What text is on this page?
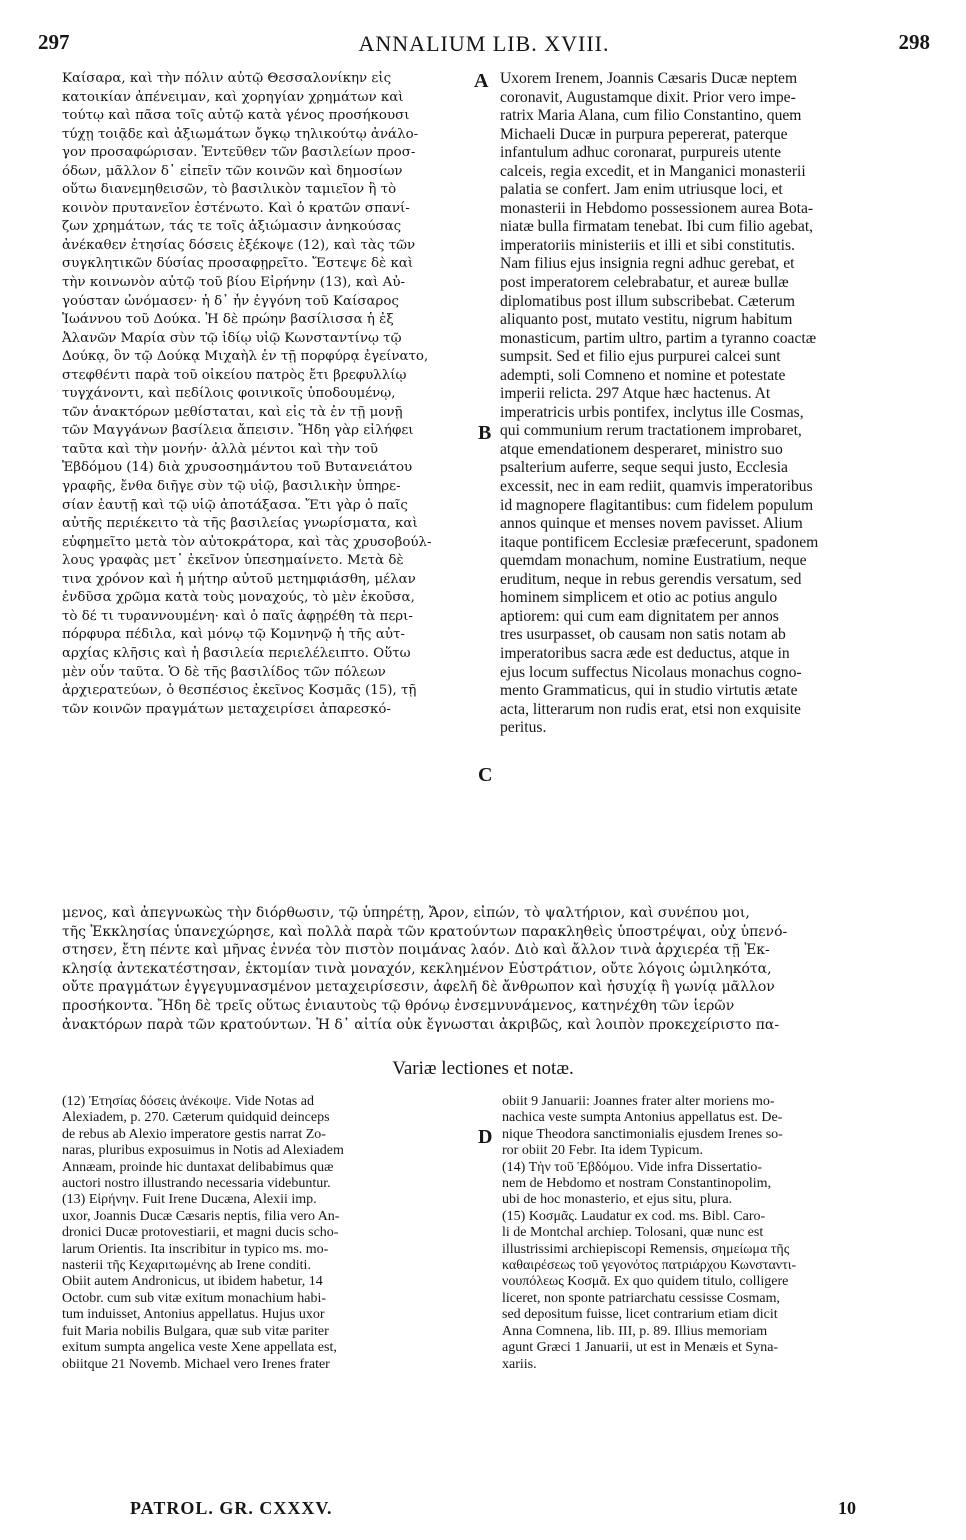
297	ANNALIUM LIB. XVIII.	298
A
B
C
D
Καίσαρα, καὶ τὴν πόλιν αὐτῷ Θεσσαλονίκην εἰς
κατοικίαν ἀπένειμαν, καὶ χορηγίαν χρημάτων καὶ
τούτῳ καὶ πᾶσα τοῖς αὐτῷ κατὰ γένος προσήκουσι
τύχῃ τοιᾷδε καὶ ἀξιωμάτων ὄγκῳ τηλικούτῳ ἀνάλο-
γον προσαφώρισαν. Ἐντεῦθεν τῶν βασιλείων προσ-
όδων, μᾶλλον δ᾽ εἰπεῖν τῶν κοινῶν καὶ δημοσίων
οὕτω διανεμηθεισῶν, τὸ βασιλικὸν ταμιεῖον ἢ τὸ
κοινὸν πρυτανεῖον ἐστένωτο. Καὶ ὁ κρατῶν σπανί-
ζων χρημάτων, τάς τε τοῖς ἀξιώμασιν ἀνηκούσας
ἀνέκαθεν ἐτησίας δόσεις ἐξέκοψε (12), καὶ τὰς τῶν
συγκλητικῶν δύσίας προσαφῃρεῖτο. Ἔστεψε δὲ καὶ
τὴν κοινωνὸν αὐτῷ τοῦ βίου Εἰρήνην (13), καὶ Αὐ-
γούσταν ὠνόμασεν· ἡ δ᾽ ἦν ἐγγόνη τοῦ Καίσαρος
Ἰωάννου τοῦ Δούκα. Ἡ δὲ πρώην βασίλισσα ἡ ἐξ
Ἀλανῶν Μαρία σὺν τῷ ἰδίῳ υἱῷ Κωνσταντίνῳ τῷ
Δούκᾳ, ὃν τῷ Δούκᾳ Μιχαὴλ ἐν τῇ πορφύρᾳ ἐγείνατο,
στεφθέντι παρὰ τοῦ οἰκείου πατρὸς ἔτι βρεφυλλίῳ
τυγχάνοντι, καὶ πεδίλοις φοινικοῖς ὑποδουμένῳ,
τῶν ἀνακτόρων μεθίσταται, καὶ εἰς τὰ ἐν τῇ μονῇ
τῶν Μαγγάνων βασίλεια ἄπεισιν. Ἤδη γὰρ εἰλήφει
ταῦτα καὶ τὴν μονήν· ἀλλὰ μέντοι καὶ τὴν τοῦ
Ἑβδόμου (14) διὰ χρυσοσημάντου τοῦ Βυτανειάτου
γραφῆς, ἔνθα διῆγε σὺν τῷ υἱῷ, βασιλικὴν ὑπηρε-
σίαν ἑαυτῇ καὶ τῷ υἱῷ ἀποτάξασα. Ἔτι γὰρ ὁ παῖς
αὐτῆς περιέκειτο τὰ τῆς βασιλείας γνωρίσματα, καὶ
εὐφημεῖτο μετὰ τὸν αὐτοκράτορα, καὶ τὰς χρυσοβούλ-
λους γραφὰς μετ᾽ ἐκεῖνον ὑπεσημαίνετο. Μετὰ δὲ
τινα χρόνον καὶ ἡ μήτηρ αὐτοῦ μετημφιάσθη, μέλαν
ἐνδῦσα χρῶμα κατὰ τοὺς μοναχούς, τὸ μὲν ἑκοῦσα,
τὸ δέ τι τυραννουμένη· καὶ ὁ παῖς ἀφῃρέθη τὰ περι-
πόρφυρα πέδιλα, καὶ μόνῳ τῷ Κομνηνῷ ἡ τῆς αὐτ-
αρχίας κλῆσις καὶ ἡ βασιλεία περιελέλειπτο. Οὕτω
μὲν οὖν ταῦτα. Ὁ δὲ τῆς βασιλίδος τῶν πόλεων
ἀρχιερατεύων, ὁ θεσπέσιος ἐκεῖνος Κοσμᾶς (15), τῇ
τῶν κοινῶν πραγμάτων μεταχειρίσει ἀπαρεσκό-
Uxorem Irenem, Joannis Cæsaris Ducæ neptem
coronavit, Augustamque dixit. Prior vero impe-
ratrix Maria Alana, cum filio Constantino, quem
Michaeli Ducæ in purpura pepererat, paterque
infantulum adhuc coronarat, purpureis utente
calceis, regia excedit, et in Manganici monasterii
palatia se confert. Jam enim utriusque loci, et
monasterii in Hebdomo possessionem aurea Bota-
niatæ bulla firmatam tenebat. Ibi cum filio agebat,
imperatoriis ministeriis et illi et sibi constitutis.
Nam filius ejus insignia regni adhuc gerebat, et
post imperatorem celebrabatur, et aureæ bullæ
diplomatibus post illum subscribebat. Cæterum
aliquanto post, mutato vestitu, nigrum habitum
monasticum, partim ultro, partim a tyranno coactæ
sumpsit. Sed et filio ejus purpurei calcei sunt
adempti, soli Comneno et nomine et potestate
imperii relicta. 297 Atque hæc hactenus. At
imperatricis urbis pontifex, inclytus ille Cosmas,
qui communium rerum tractationem improbaret,
atque emendationem desperaret, ministro suo
psalterium auferre, seque sequi justo, Ecclesia
excessit, nec in eam rediit, quamvis imperatoribus
id magnopere flagitantibus: cum fidelem populum
annos quinque et menses novem pavisset. Alium
itaque pontificem Ecclesiæ præfecerunt, spadonem
quemdam monachum, nomine Eustratium, neque
eruditum, neque in rebus gerendis versatum, sed
hominem simplicem et otio ac potius angulo
aptiorem: qui cum eam dignitatem per annos
tres usurpasset, ob causam non satis notam ab
imperatoribus sacra æde est deductus, atque in
ejus locum suffectus Nicolaus monachus cogno-
mento Grammaticus, qui in studio virtutis ætate
acta, litterarum non rudis erat, etsi non exquisite
peritus.
μενος, καὶ ἀπεγνωκὼς τὴν διόρθωσιν, τῷ ὑπηρέτῃ, Ἄρον, εἰπών, τὸ ψαλτήριον, καὶ συνέπου μοι,
τῆς Ἐκκλησίας ὑπανεχώρησε, καὶ πολλὰ παρὰ τῶν κρατούντων παρακληθεὶς ὑποστρέψαι, οὐχ ὑπενό-
στησεν, ἔτη πέντε καὶ μῆνας ἐννέα τὸν πιστὸν ποιμάνας λαόν. Διὸ καὶ ἄλλον τινὰ ἀρχιερέα τῇ Ἐκ-
κλησίᾳ ἀντεκατέστησαν, ἐκτομίαν τινὰ μοναχόν, κεκλημένον Εὐστράτιον, οὔτε λόγοις ὡμιληκότα,
οὔτε πραγμάτων ἐγγεγυμνασμένον μεταχειρίσεσιν, ἀφελῆ δὲ ἄνθρωπον καὶ ἡσυχίᾳ ἢ γωνίᾳ μᾶλλον
προσήκοντα. Ἤδη δὲ τρεῖς οὕτως ἐνιαυτοὺς τῷ θρόνῳ ἐνσεμνυνάμενος, κατηνέχθη τῶν ἱερῶν
ἀνακτόρων παρὰ τῶν κρατούντων. Ἡ δ᾽ αἰτία οὐκ ἔγνωσται ἀκριβῶς, καὶ λοιπὸν προκεχείριστο πα-
Variæ lectiones et notæ.
(12) Ἐτησίας δόσεις ἀνέκοψε. Vide Notas ad
Alexiadem, p. 270. Cæterum quidquid deinceps
de rebus ab Alexio imperatore gestis narrat Zo-
naras, pluribus exposuimus in Notis ad Alexiadem
Annæam, proinde hic duntaxat delibabimus quæ
auctori nostro illustrando necessaria videbuntur.
(13) Εἰρήνην. Fuit Irene Ducæna, Alexii imp.
uxor, Joannis Ducæ Cæsaris neptis, filia vero An-
dronici Ducæ protovestiarii, et magni ducis scho-
larum Orientis. Ita inscribitur in typico ms. mo-
nasterii τῆς Κεχαριτωμένης ab Irene conditi.
Obiit autem Andronicus, ut ibidem habetur, 14
Octobr. cum sub vitæ exitum monachium habi-
tum induisset, Antonius appellatus. Hujus uxor
fuit Maria nobilis Bulgara, quæ sub vitæ pariter
exitum sumpta angelica veste Xene appellata est,
obiitque 21 Novemb. Michael vero Irenes frater
obiit 9 Januarii: Joannes frater alter moriens mo-
nachica veste sumpta Antonius appellatus est. De-
nique Theodora sanctimonialis ejusdem Irenes so-
ror obiit 20 Febr. Ita idem Typicum.
(14) Τὴν τοῦ Ἑβδόμου. Vide infra Dissertatio-
nem de Hebdomo et nostram Constantinopolim,
ubi de hoc monasterio, et ejus situ, plura.
(15) Κοσμᾶς. Laudatur ex cod. ms. Bibl. Caro-
li de Montchal archiep. Tolosani, quæ nunc est
illustrissimi archiepiscopi Remensis, σημείωμα τῆς
καθαιρέσεως τοῦ γεγονότος πατριάρχου Κωνσταντι-
νουπόλεως Κοσμᾶ. Ex quo quidem titulo, colligere
liceret, non sponte patriarchatu cessisse Cosmam,
sed depositum fuisse, licet contrarium etiam dicit
Anna Comnena, lib. III, p. 89. Illius memoriam
agunt Græci 1 Januarii, ut est in Menæis et Syna-
xariis.
PATROL. GR. CXXXV.	10
